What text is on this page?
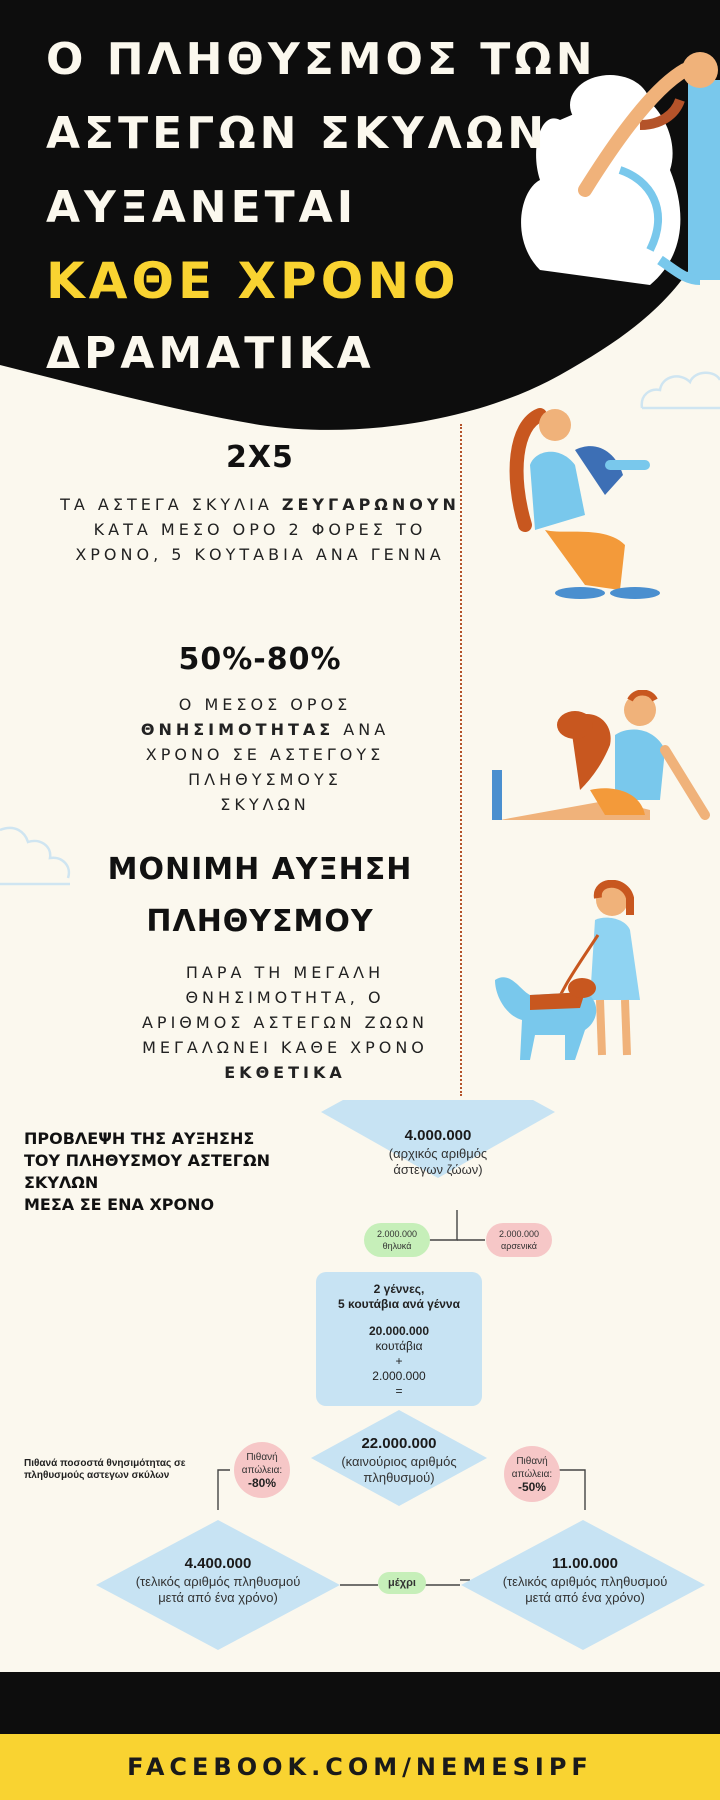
Ο ΠΛΗΘΥΣΜΟΣ ΤΩΝ
ΑΣΤΕΓΩΝ ΣΚΥΛΩΝ
ΑΥΞΑΝΕΤΑΙ
ΚΑΘΕ ΧΡΟΝΟ
ΔΡΑΜΑΤΙΚΑ
2X5
ΤΑ ΑΣΤΕΓΑ ΣΚΥΛΙΑ ΖΕΥΓΑΡΩΝΟΥΝ ΚΑΤΑ ΜΕΣΟ ΟΡΟ 2 ΦΟΡΕΣ ΤΟ ΧΡΟΝΟ, 5 ΚΟΥΤΑΒΙΑ ΑΝΑ ΓΕΝΝΑ
50%-80%
Ο ΜΕΣΟΣ ΟΡΟΣ ΘΝΗΣΙΜΟΤΗΤΑΣ ΑΝΑ ΧΡΟΝΟ ΣΕ ΑΣΤΕΓΟΥΣ ΠΛΗΘΥΣΜΟΥΣ ΣΚΥΛΩΝ
ΜΟΝΙΜΗ ΑΥΞΗΣΗ
ΠΛΗΘΥΣΜΟΥ
ΠΑΡΑ ΤΗ ΜΕΓΑΛΗ ΘΝΗΣΙΜΟΤΗΤΑ, Ο ΑΡΙΘΜΟΣ ΑΣΤΕΓΩΝ ΖΩΩΝ ΜΕΓΑΛΩΝΕΙ ΚΑΘΕ ΧΡΟΝΟ ΕΚΘΕΤΙΚΑ
ΠΡΟΒΛΕΨΗ ΤΗΣ ΑΥΞΗΣΗΣ
ΤΟΥ ΠΛΗΘΥΣΜΟΥ ΑΣΤΕΓΩΝ
ΣΚΥΛΩΝ
ΜΕΣΑ ΣΕ ΕΝΑ ΧΡΟΝΟ
4.000.000
(αρχικός αριθμός άστεγων ζώων)
2.000.000
θηλυκά
2.000.000
αρσενικά
2 γέννες,
5 κουτάβια ανά γέννα
20.000.000
κουτάβια
+
2.000.000
=
22.000.000
(καινούριος αριθμός πληθυσμού)
Πιθανή απώλεια:
-80%
Πιθανή απώλεια:
-50%
Πιθανά ποσοστά θνησιμότητας σε πληθυσμούς αστεγων σκύλων
4.400.000
(τελικός αριθμός πληθυσμού μετά από ένα χρόνο)
μέχρι
11.00.000
(τελικός αριθμός πληθυσμού μετά από ένα χρόνο)
FACEBOOK.COM/NEMESIPF
